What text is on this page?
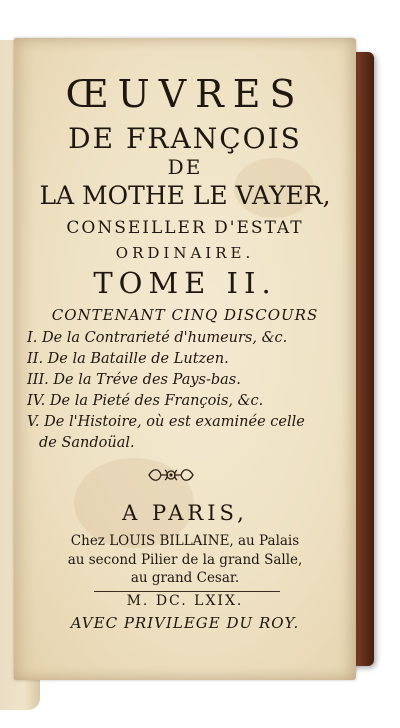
ŒUVRES
DE FRANÇOIS
DE
LA MOTHE LE VAYER,
CONSEILLER D'ESTAT
ORDINAIRE.
TOME II.
CONTENANT CINQ DISCOURS
I. De la Contrarieté d'humeurs, &c.
II. De la Bataille de Lutzen.
III. De la Tréve des Pays-bas.
IV. De la Pieté des François, &c.
V. De l'Histoire, où est examinée celle
de Sandoüal.
A PARIS,
Chez LOUIS BILLAINE, au Palais
au second Pilier de la grand Salle,
au grand Cesar.
M. DC. LXIX.
AVEC PRIVILEGE DU ROY.
